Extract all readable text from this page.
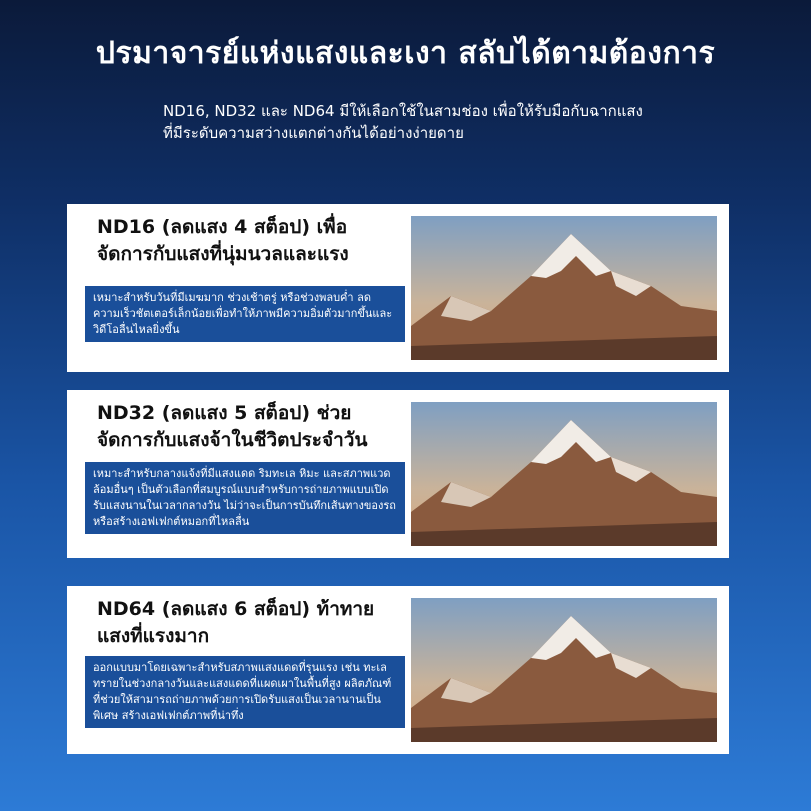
ปรมาจารย์แห่งแสงและเงา สลับได้ตามต้องการ
ND16, ND32 และ ND64 มีให้เลือกใช้ในสามช่อง เพื่อให้รับมือกับฉากแสงที่มีระดับความสว่างแตกต่างกันได้อย่างง่ายดาย
ND16 (ลดแสง 4 สต็อป) เพื่อจัดการกับแสงที่นุ่มนวลและแรง
เหมาะสำหรับวันที่มีเมฆมาก ช่วงเช้าตรู่ หรือช่วงพลบค่ำ ลดความเร็วชัตเตอร์เล็กน้อยเพื่อทำให้ภาพมีความอิ่มตัวมากขึ้นและวิดีโอลื่นไหลยิ่งขึ้น
ND32 (ลดแสง 5 สต็อป) ช่วยจัดการกับแสงจ้าในชีวิตประจำวัน
เหมาะสำหรับกลางแจ้งที่มีแสงแดด ริมทะเล หิมะ และสภาพแวดล้อมอื่นๆ เป็นตัวเลือกที่สมบูรณ์แบบสำหรับการถ่ายภาพแบบเปิดรับแสงนานในเวลากลางวัน ไม่ว่าจะเป็นการบันทึกเส้นทางของรถหรือสร้างเอฟเฟกต์หมอกที่ไหลลื่น
ND64 (ลดแสง 6 สต็อป) ท้าทายแสงที่แรงมาก
ออกแบบมาโดยเฉพาะสำหรับสภาพแสงแดดที่รุนแรง เช่น ทะเลทรายในช่วงกลางวันและแสงแดดที่แผดเผาในพื้นที่สูง ผลิตภัณฑ์ที่ช่วยให้สามารถถ่ายภาพด้วยการเปิดรับแสงเป็นเวลานานเป็นพิเศษ สร้างเอฟเฟกต์ภาพที่น่าทึ่ง
